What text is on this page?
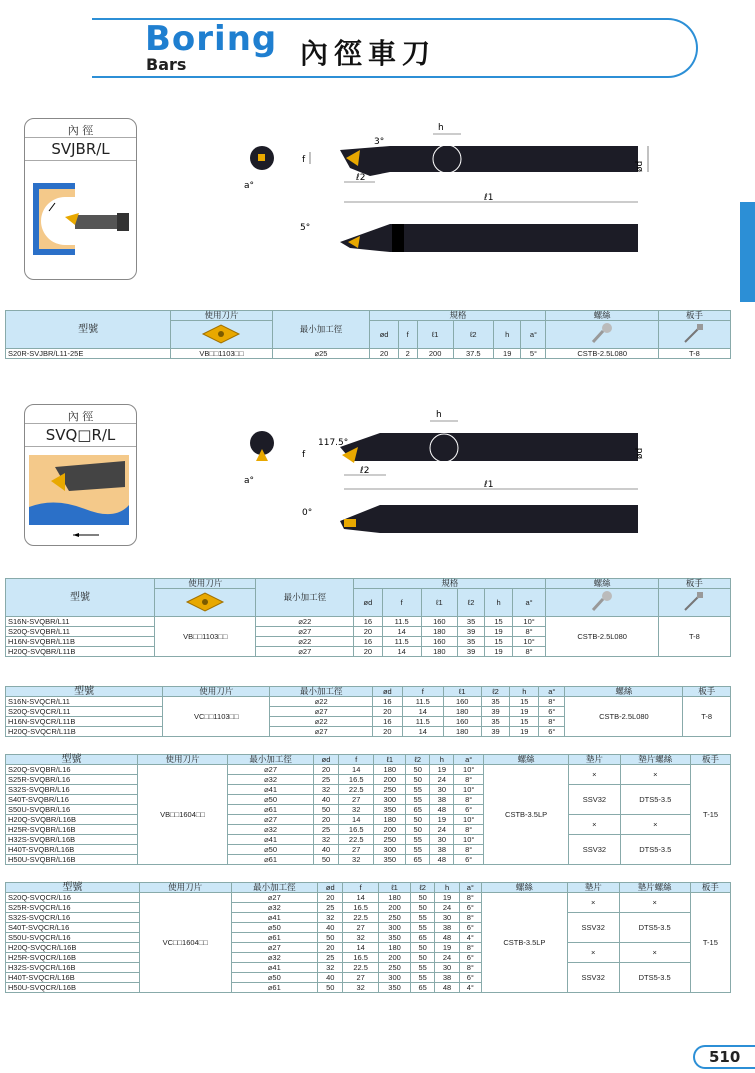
Boring
Bars	內徑車刀
內 徑
SVJBR/L
h
3°
f
ℓ2
ℓ1
ød
a°
5°
型號	使用刀片	最小加工徑	規格						螺絲	板手
	ød	f	ℓ1	ℓ2	h	a°		
S20R-SVJBR/L11-25E	VB□□1103□□	⌀25	20	2	200	37.5	19	5°	CSTB-2.5L080	T-8
內 徑
SVQ□R/L
h
117.5°
f
ℓ2
ℓ1
ød
a°
0°
型號	使用刀片	最小加工徑	規格						螺絲	板手
	ød	f	ℓ1	ℓ2	h	a°		
S16N-SVQBR/L11	VB□□1103□□	⌀22	16	11.5	160	35	15	10°	CSTB-2.5L080	T-8
S20Q-SVQBR/L11		⌀27	20	14	180	39	19	8°		
H16N-SVQBR/L11B		⌀22	16	11.5	160	35	15	10°		
H20Q-SVQBR/L11B		⌀27	20	14	180	39	19	8°		
型號	使用刀片	最小加工徑	ød	f	ℓ1	ℓ2	h	a°	螺絲	板手
S16N-SVQCR/L11	VC□□1103□□	⌀22	16	11.5	160	35	15	8°	CSTB-2.5L080	T-8
S20Q-SVQCR/L11		⌀27	20	14	180	39	19	6°		
H16N-SVQCR/L11B		⌀22	16	11.5	160	35	15	8°		
H20Q-SVQCR/L11B		⌀27	20	14	180	39	19	6°		
型號	使用刀片	最小加工徑	ød	f	ℓ1	ℓ2	h	a°	螺絲	墊片	墊片螺絲	板手
S20Q-SVQBR/L16	VB□□1604□□	⌀27	20	14	180	50	19	10°	CSTB-3.5LP	×	×	T-15
S25R-SVQBR/L16		⌀32	25	16.5	200	50	24	8°				
S32S-SVQBR/L16		⌀41	32	22.5	250	55	30	10°		SSV32	DTS5-3.5	
S40T-SVQBR/L16		⌀50	40	27	300	55	38	8°				
S50U-SVQBR/L16		⌀61	50	32	350	65	48	6°				
H20Q-SVQBR/L16B		⌀27	20	14	180	50	19	10°		×	×	
H25R-SVQBR/L16B		⌀32	25	16.5	200	50	24	8°				
H32S-SVQBR/L16B		⌀41	32	22.5	250	55	30	10°		SSV32	DTS5-3.5	
H40T-SVQBR/L16B		⌀50	40	27	300	55	38	8°				
H50U-SVQBR/L16B		⌀61	50	32	350	65	48	6°				
型號	使用刀片	最小加工徑	ød	f	ℓ1	ℓ2	h	a°	螺絲	墊片	墊片螺絲	板手
S20Q-SVQCR/L16	VC□□1604□□	⌀27	20	14	180	50	19	8°	CSTB-3.5LP	×	×	T-15
S25R-SVQCR/L16		⌀32	25	16.5	200	50	24	6°				
S32S-SVQCR/L16		⌀41	32	22.5	250	55	30	8°		SSV32	DTS5-3.5	
S40T-SVQCR/L16		⌀50	40	27	300	55	38	6°				
S50U-SVQCR/L16		⌀61	50	32	350	65	48	4°				
H20Q-SVQCR/L16B		⌀27	20	14	180	50	19	8°		×	×	
H25R-SVQCR/L16B		⌀32	25	16.5	200	50	24	6°				
H32S-SVQCR/L16B		⌀41	32	22.5	250	55	30	8°		SSV32	DTS5-3.5	
H40T-SVQCR/L16B		⌀50	40	27	300	55	38	6°				
H50U-SVQCR/L16B		⌀61	50	32	350	65	48	4°				
510
